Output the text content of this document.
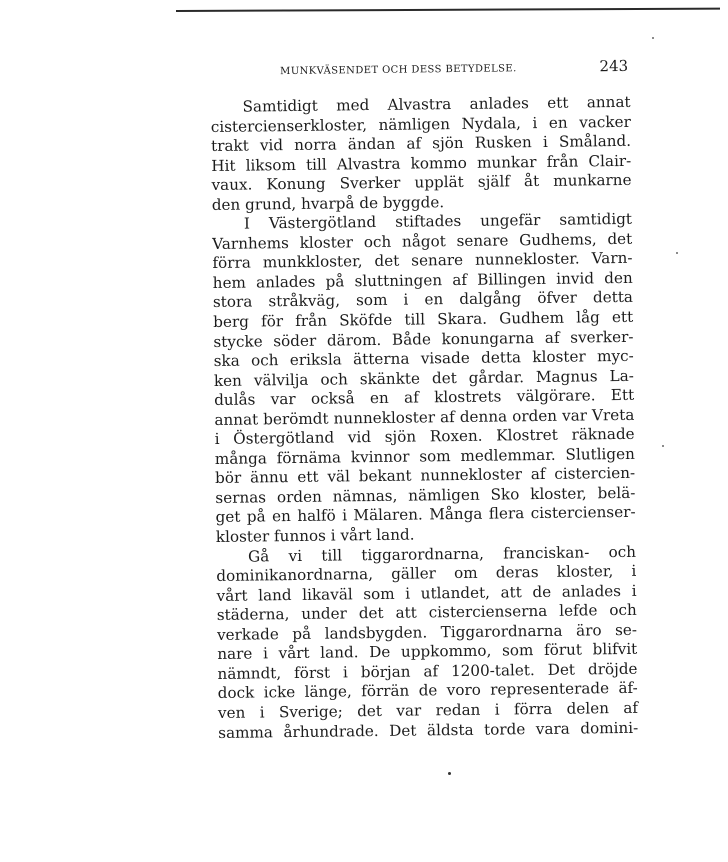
MUNKVÄSENDET OCH DESS BETYDELSE.	243
Samtidigt med Alvastra anlades ett annat
cistercienserkloster, nämligen Nydala, i en vacker
trakt vid norra ändan af sjön Rusken i Småland.
Hit liksom till Alvastra kommo munkar från Clair-
vaux. Konung Sverker upplät själf åt munkarne
den grund, hvarpå de byggde.
I Västergötland stiftades ungefär samtidigt
Varnhems kloster och något senare Gudhems, det
förra munkkloster, det senare nunnekloster. Varn-
hem anlades på sluttningen af Billingen invid den
stora stråkväg, som i en dalgång öfver detta
berg för från Sköfde till Skara. Gudhem låg ett
stycke söder därom. Både konungarna af sverker-
ska och eriksla ätterna visade detta kloster myc-
ken välvilja och skänkte det gårdar. Magnus La-
dulås var också en af klostrets välgörare. Ett
annat berömdt nunnekloster af denna orden var Vreta
i Östergötland vid sjön Roxen. Klostret räknade
många förnäma kvinnor som medlemmar. Slutligen
bör ännu ett väl bekant nunnekloster af cistercien-
sernas orden nämnas, nämligen Sko kloster, belä-
get på en halfö i Mälaren. Många flera cistercienser-
kloster funnos i vårt land.
Gå vi till tiggarordnarna, franciskan- och
dominikanordnarna, gäller om deras kloster, i
vårt land likaväl som i utlandet, att de anlades i
städerna, under det att cistercienserna lefde och
verkade på landsbygden. Tiggarordnarna äro se-
nare i vårt land. De uppkommo, som förut blifvit
nämndt, först i början af 1200-talet. Det dröjde
dock icke länge, förrän de voro representerade äf-
ven i Sverige; det var redan i förra delen af
samma århundrade. Det äldsta torde vara domini-
